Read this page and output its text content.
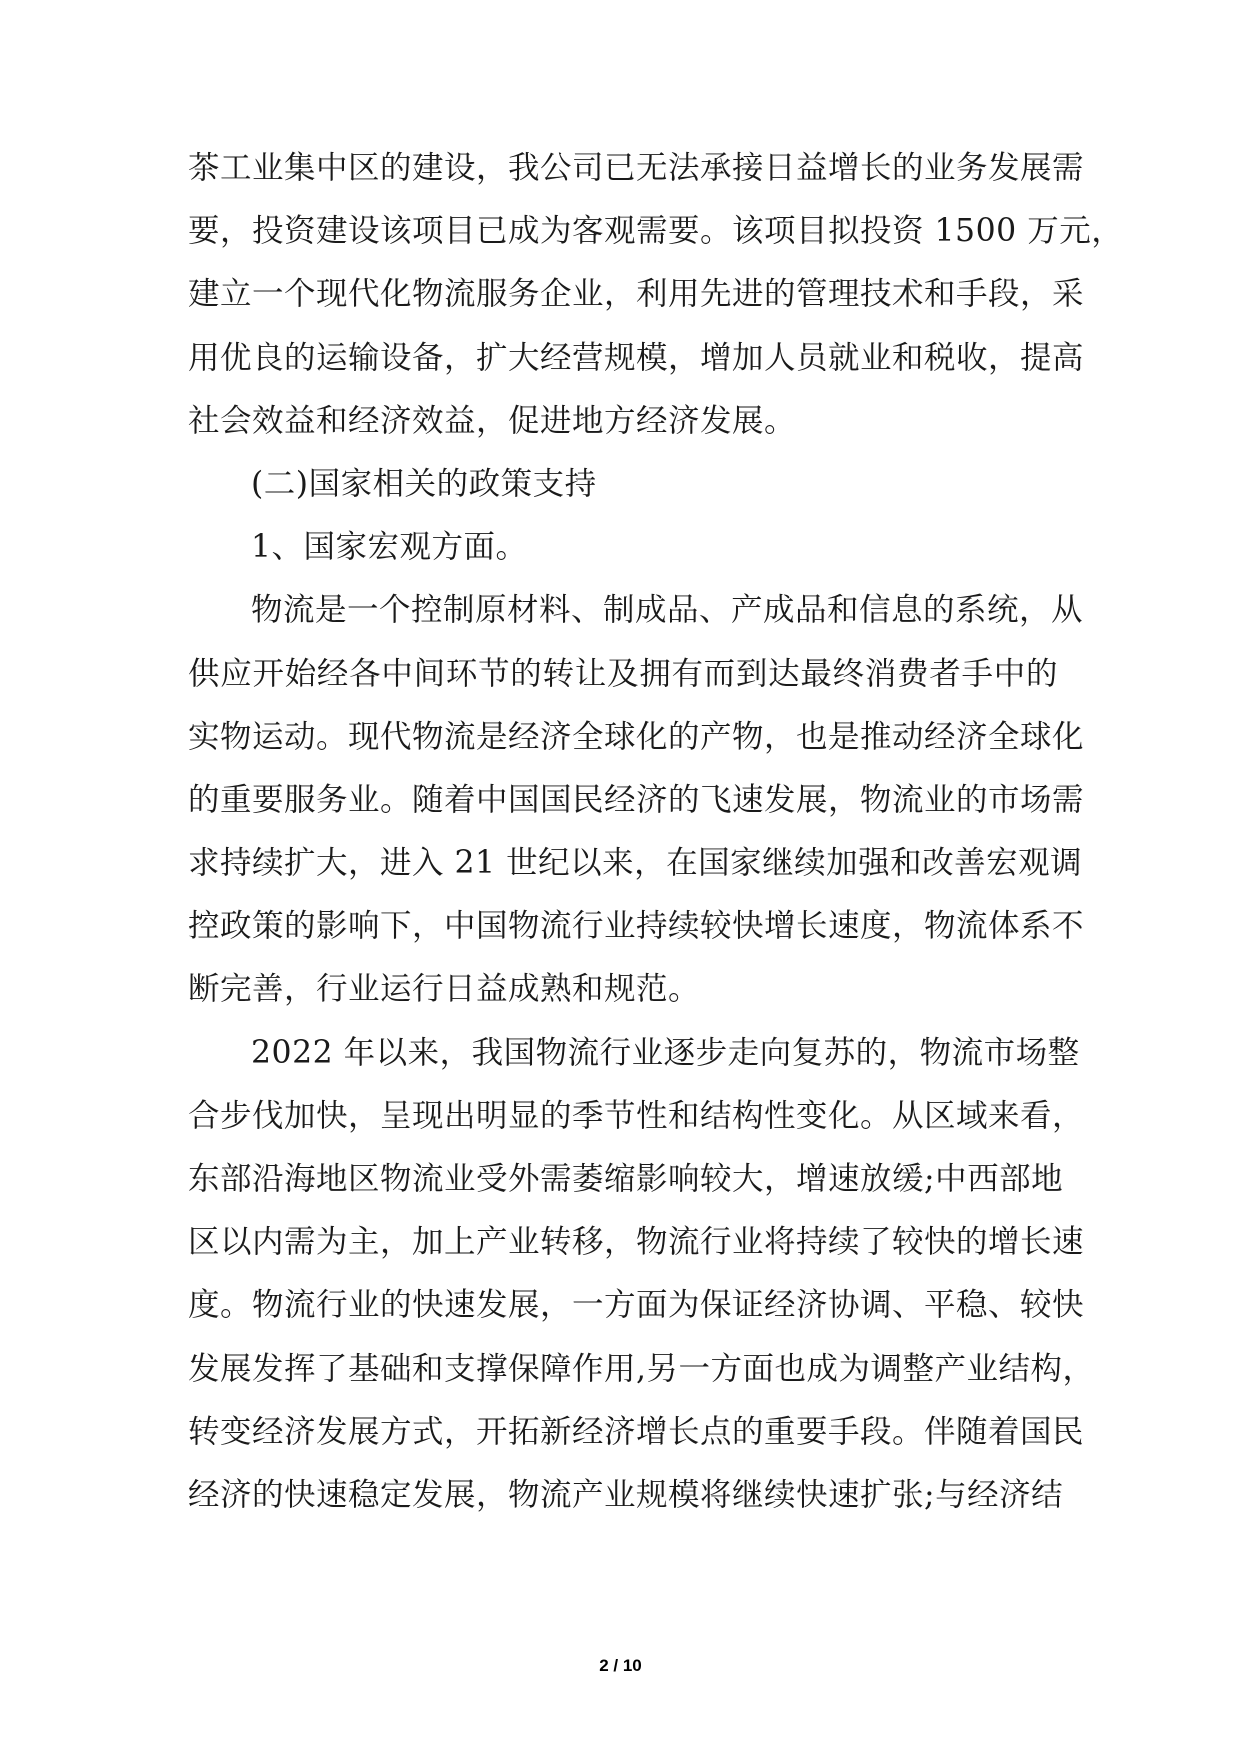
茶工业集中区的建设，我公司已无法承接日益增长的业务发展需
要，投资建设该项目已成为客观需要。该项目拟投资 1500 万元，
建立一个现代化物流服务企业，利用先进的管理技术和手段，采
用优良的运输设备，扩大经营规模，增加人员就业和税收，提高
社会效益和经济效益，促进地方经济发展。
(二)国家相关的政策支持
1、国家宏观方面。
物流是一个控制原材料、制成品、产成品和信息的系统，从
供应开始经各中间环节的转让及拥有而到达最终消费者手中的
实物运动。现代物流是经济全球化的产物，也是推动经济全球化
的重要服务业。随着中国国民经济的飞速发展，物流业的市场需
求持续扩大，进入 21 世纪以来，在国家继续加强和改善宏观调
控政策的影响下，中国物流行业持续较快增长速度，物流体系不
断完善，行业运行日益成熟和规范。
2022 年以来，我国物流行业逐步走向复苏的，物流市场整
合步伐加快，呈现出明显的季节性和结构性变化。从区域来看，
东部沿海地区物流业受外需萎缩影响较大，增速放缓;中西部地
区以内需为主，加上产业转移，物流行业将持续了较快的增长速
度。物流行业的快速发展，一方面为保证经济协调、平稳、较快
发展发挥了基础和支撑保障作用,另一方面也成为调整产业结构，
转变经济发展方式，开拓新经济增长点的重要手段。伴随着国民
经济的快速稳定发展，物流产业规模将继续快速扩张;与经济结
2 / 10
